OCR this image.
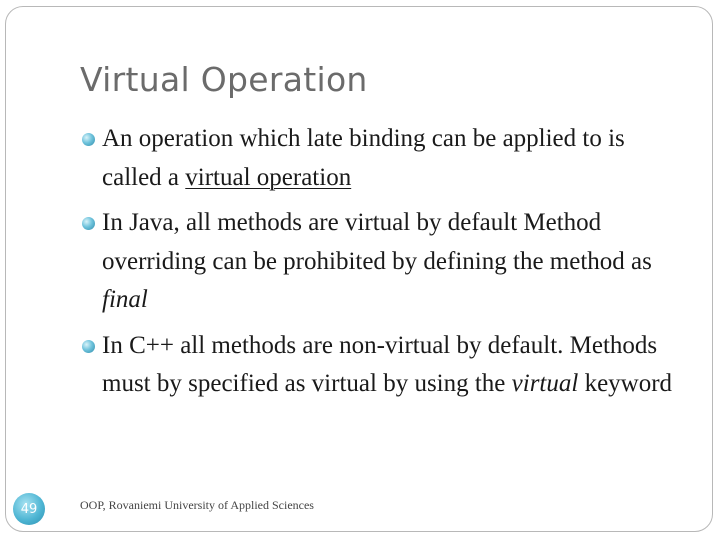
Virtual Operation
An operation which late binding can be applied to is called a virtual operation
In Java, all methods are virtual by default Method overriding can be prohibited by defining the method as final
In C++ all methods are non-virtual by default. Methods must by specified as virtual by using the virtual keyword
49	OOP, Rovaniemi University of Applied Sciences
